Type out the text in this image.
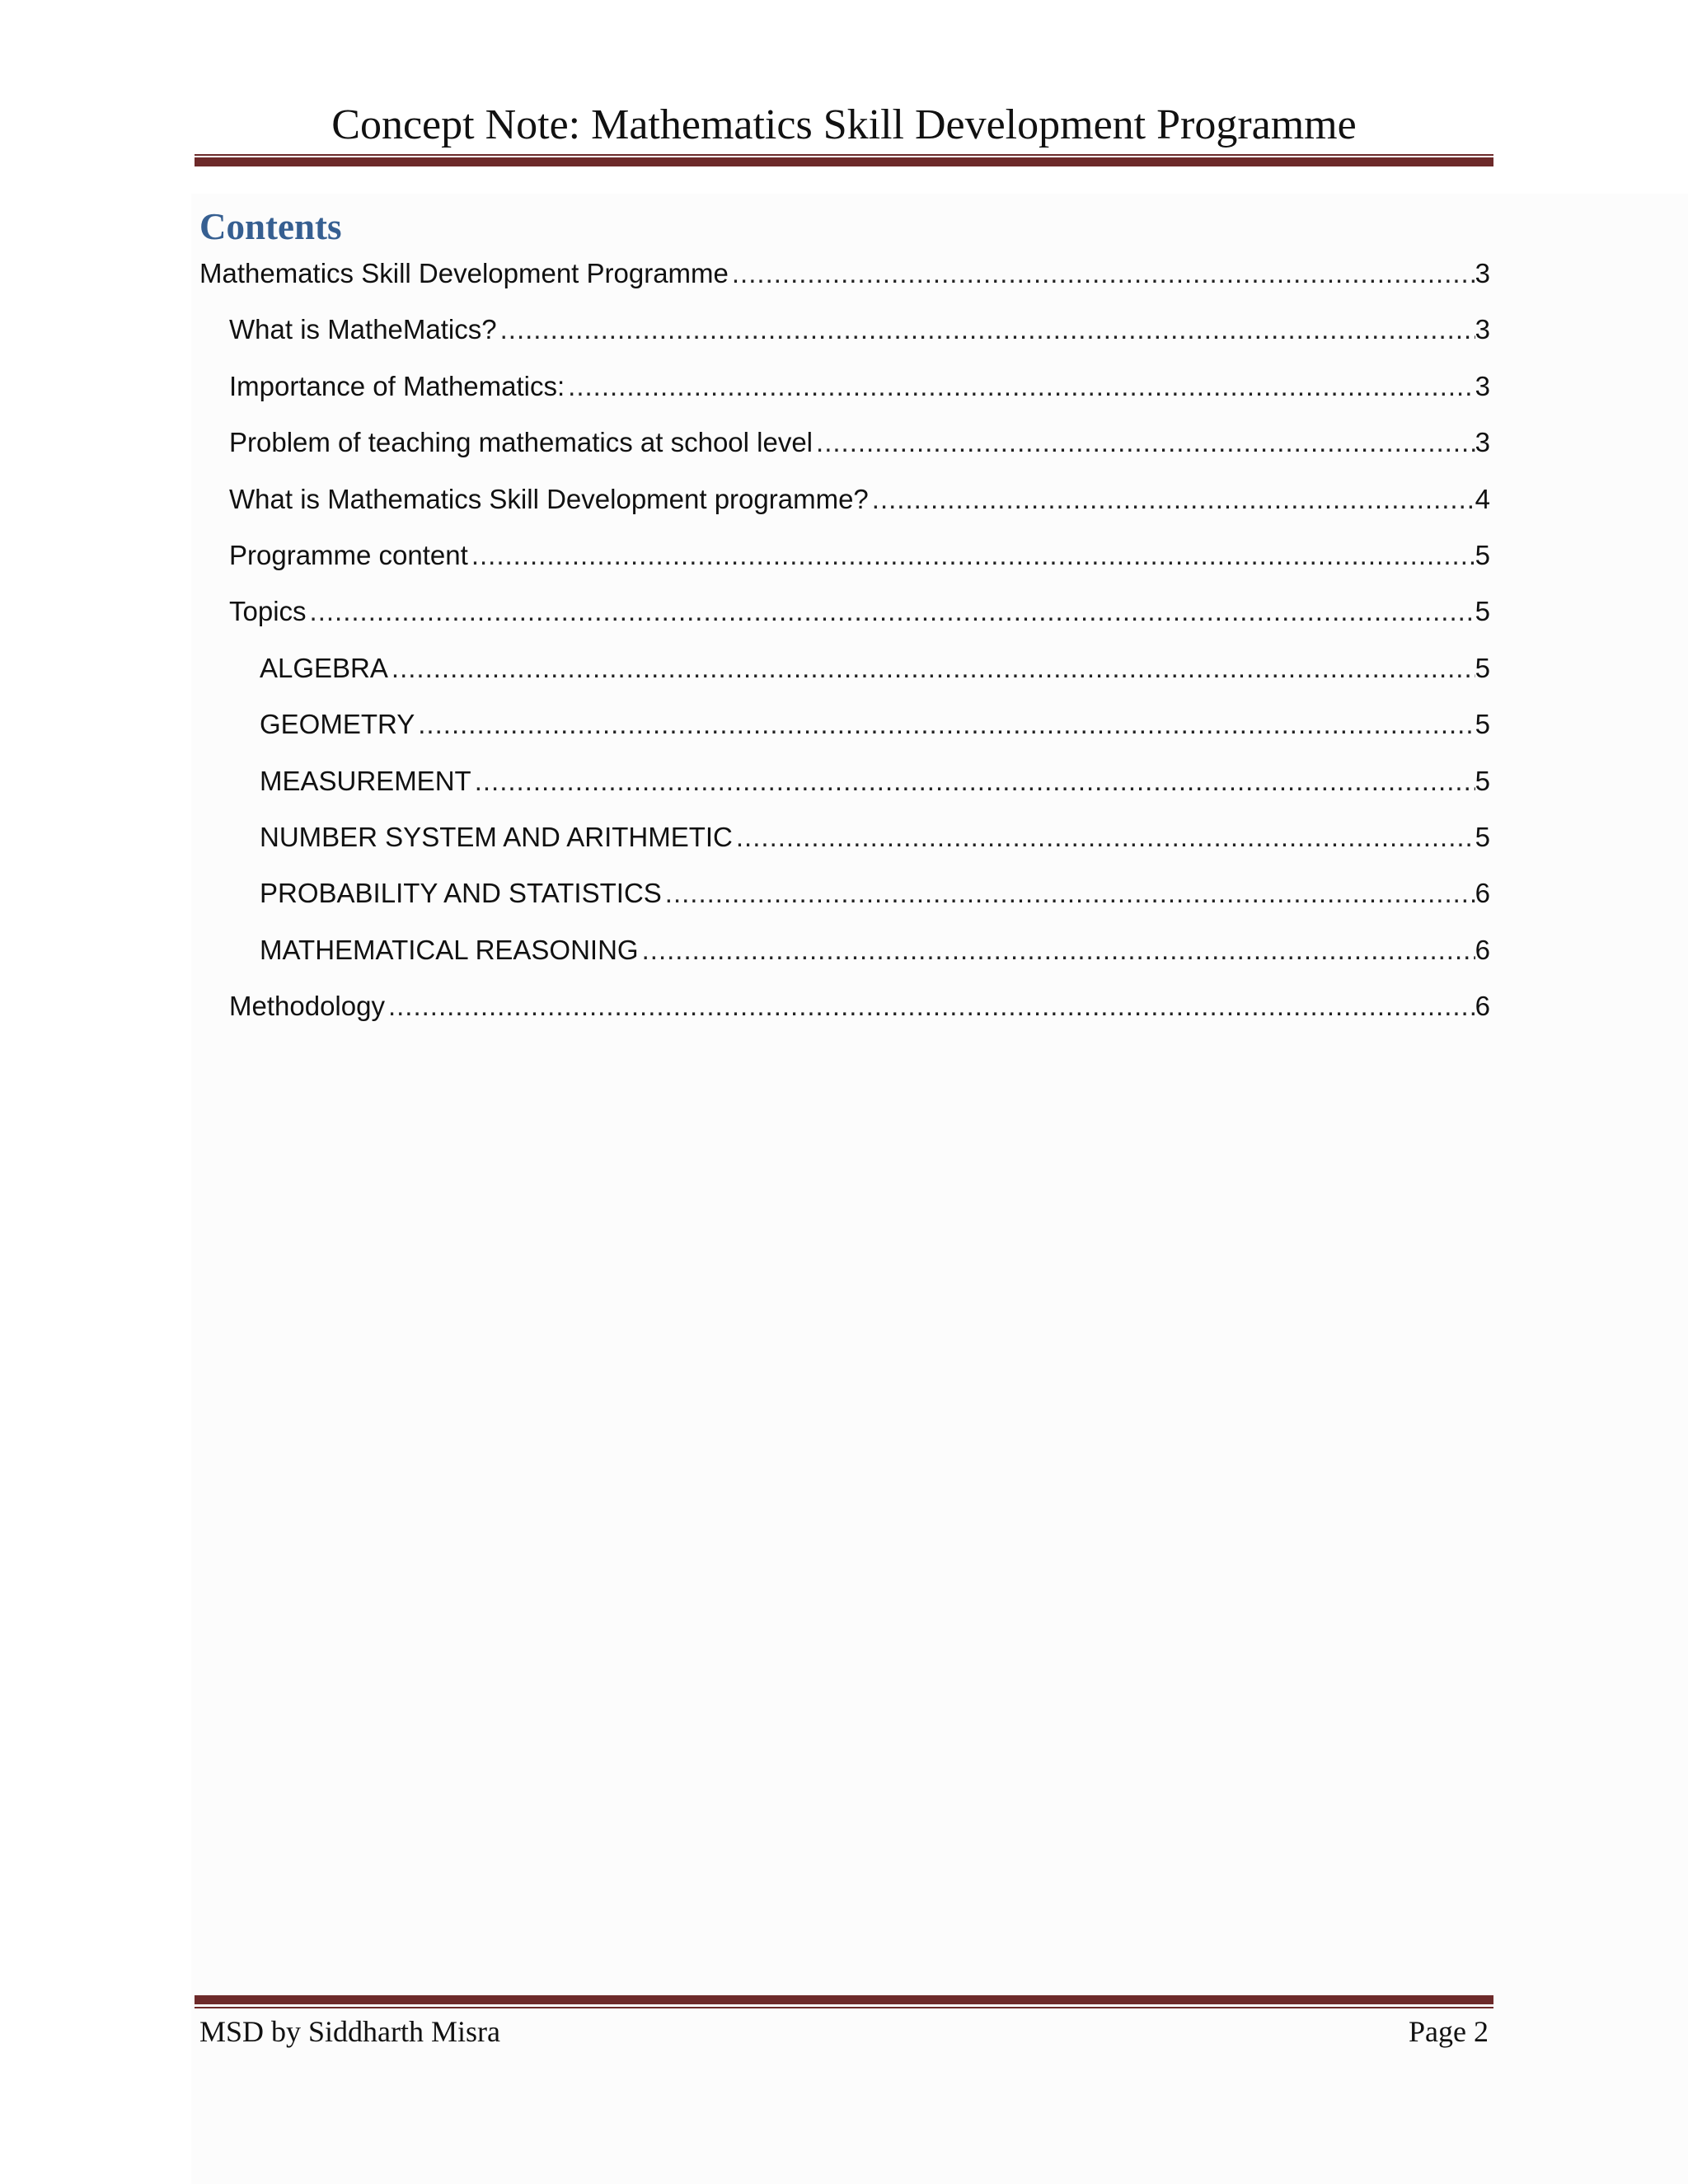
Concept Note: Mathematics Skill Development Programme
Contents
Mathematics Skill Development Programme .....	3
What is MatheMatics? .....	3
Importance of Mathematics: .....	3
Problem of teaching mathematics at school level .....	3
What is Mathematics Skill Development programme? .....	4
Programme content .....	5
Topics .....	5
ALGEBRA .....	5
GEOMETRY .....	5
MEASUREMENT .....	5
NUMBER SYSTEM AND ARITHMETIC .....	5
PROBABILITY AND STATISTICS .....	6
MATHEMATICAL REASONING .....	6
Methodology .....	6
MSD by Siddharth Misra	Page 2
